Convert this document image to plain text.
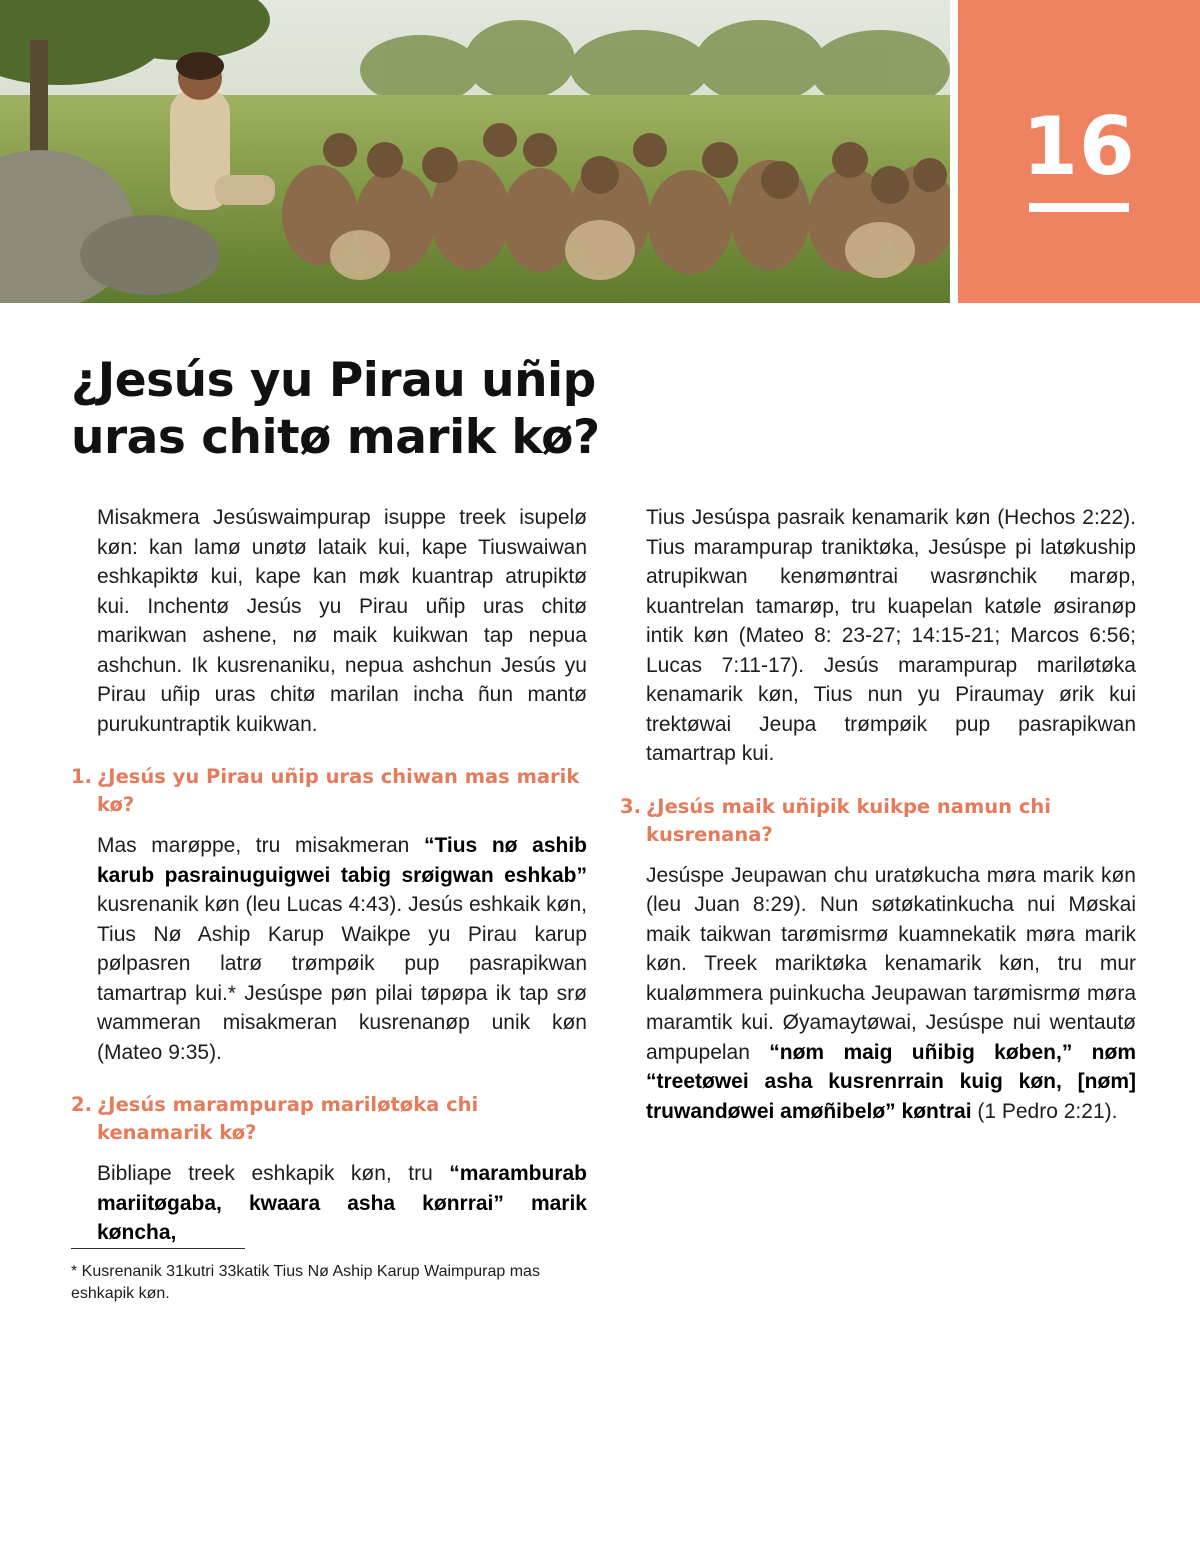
16
¿Jesús yu Pirau uñip uras chitø marik kø?

Misakmera Jesúswaimpurap isuppe treek isupelø køn: kan lamø unøtø lataik kui, kape Tiuswaiwan eshkapiktø kui, kape kan møk kuantrap atrupiktø kui. Inchentø Jesús yu Pirau uñip uras chitø marikwan ashene, nø maik kuikwan tap nepua ashchun. Ik kusrenaniku, nepua ashchun Jesús yu Pirau uñip uras chitø marilan incha ñun mantø purukuntraptik kuikwan.

1. ¿Jesús yu Pirau uñip uras chiwan mas marik kø?

Mas marøppe, tru misakmeran “Tius nø ashib karub pasrainuguigwei tabig srøigwan eshkab” kusrenanik køn (leu Lucas 4:43). Jesús eshkaik køn, Tius Nø Aship Karup Waikpe yu Pirau karup pølpasren latrø trømpøik pup pasrapikwan tamartrap kui.* Jesúspe pøn pilai tøpøpa ik tap srø wammeran misakmeran kusrenanøp unik køn (Mateo 9:35).

2. ¿Jesús marampurap mariløtøka chi kenamarik kø?

Bibliape treek eshkapik køn, tru “maramburab mariitøgaba, kwaara asha kønrrai” marik køncha,

* Kusrenanik 31kutri 33katik Tius Nø Aship Karup Waimpurap mas eshkapik køn.

Tius Jesúspa pasraik kenamarik køn (Hechos 2:22). Tius marampurap traniktøka, Jesúspe pi latøkuship atrupikwan kenømøntrai wasrønchik marøp, kuantrelan tamarøp, tru kuapelan katøle øsiranøp intik køn (Mateo 8: 23-27; 14:15-21; Marcos 6:56; Lucas 7:11-17). Jesús marampurap mariløtøka kenamarik køn, Tius nun yu Piraumay ørik kui trektøwai Jeupa trømpøik pup pasrapikwan tamartrap kui.

3. ¿Jesús maik uñipik kuikpe namun chi kusrenana?

Jesúspe Jeupawan chu uratøkucha møra marik køn (leu Juan 8:29). Nun søtøkatinkucha nui Møskai maik taikwan tarømisrmø kuamnekatik møra marik køn. Treek mariktøka kenamarik køn, tru mur kualømmera puinkucha Jeupawan tarømisrmø møra maramtik kui. Øyamaytøwai, Jesúspe nui wentautø ampupelan “nøm maig uñibig køben,” nøm “treetøwei asha kusrenrrain kuig køn, [nøm] truwandøwei amøñibelø” køntrai (1 Pedro 2:21).
